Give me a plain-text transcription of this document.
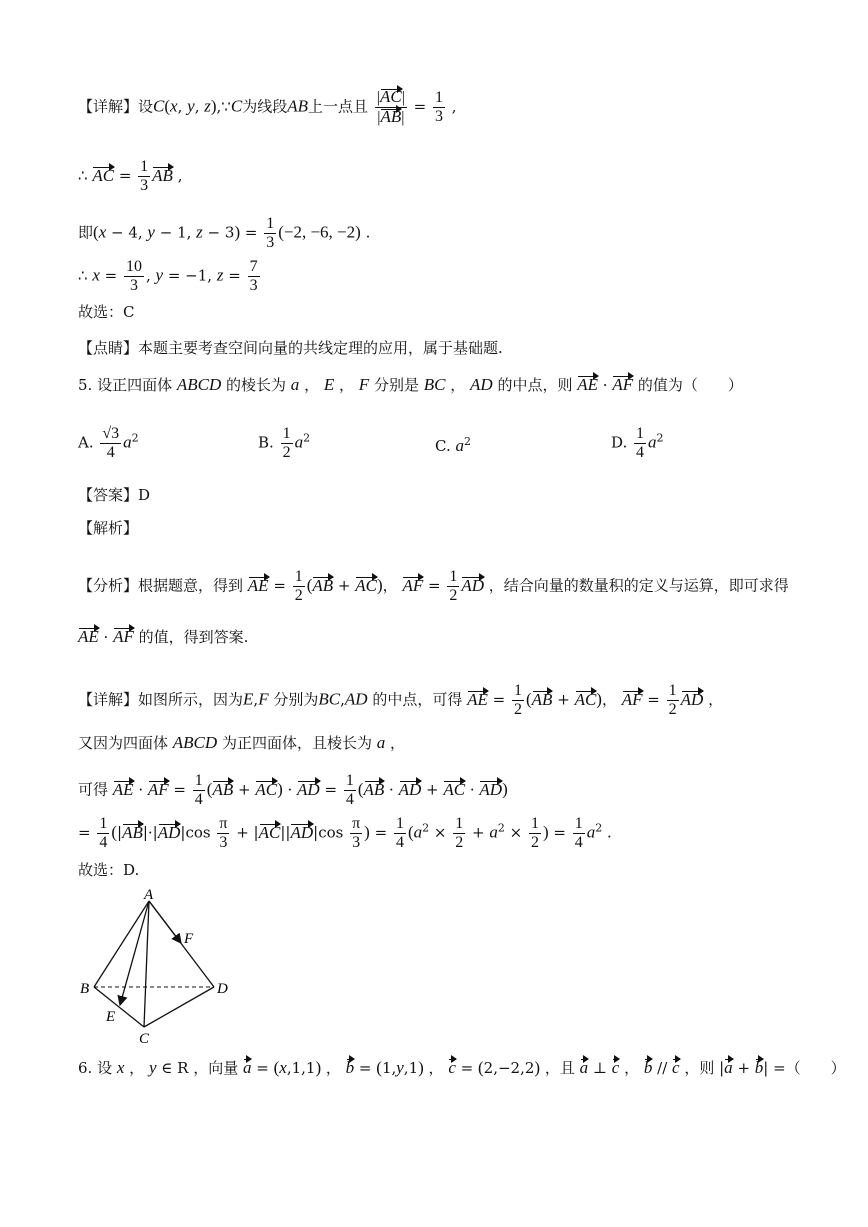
【详解】设C(x, y, z),∵C为线段AB上一点且 $\frac{|AC|}{|AB|} = \frac{1}{3}$ ,
∴ AC = $\frac{1}{3}$ AB ,
即(x − 4, y − 1, $z - 3) = \frac{1}{3} (-2$, −6, −2) .
∴ $x = \frac{10}{3}$ , y = −1, $z = \frac{7}{3}$
故选：C
【点睛】本题主要考查空间向量的共线定理的应用，属于基础题.
5. 设正四面体 ABCD 的棱长为 a ， E ， F 分别是 BC ， AD 的中点，则 AE · AF 的值为（　　）
A. $\frac{√3}{4} a^2$	B. $\frac{1}{2} a^2$	C. $a^2$	D. $\frac{1}{4} a^2$
【答案】D
【解析】
【分析】根据题意，得到 AE = $\frac{1}{2} (AB + AC)$， AF = $\frac{1}{2}$ AD ，结合向量的数量积的定义与运算，即可求得
AE · AF 的值，得到答案.
【详解】如图所示，因为E,F 分别为BC,AD 的中点，可得 AE = $\frac{1}{2} (AB + AC)$， AF = $\frac{1}{2}$ AD ，
又因为四面体 ABCD 为正四面体，且棱长为 a ，
可得 AE · AF = $\frac{1}{4} (AB + AC)$ · AD = $\frac{1}{4} (AB$ · AD + AC · AD)
= $\frac{1}{4} (|AB|\cdot|AD|\cos \frac{\pi}{3} + |AC||AD|\cos \frac{\pi}{3}$ ) = $\frac{1}{4} (a^2 \times \frac{1}{2} + a^2 \times \frac{1}{2}$ ) = $\frac{1}{4} a^2$ .
故选：D.
A
B
C
D
E
F
6. 设 x ， y ∈ R ，向量 a = (x,1,1) ， b = (1,y,1) ， c = (2,−2,2) ，且 a ⊥ c ， b // c ，则 |a + b| =（　　）
